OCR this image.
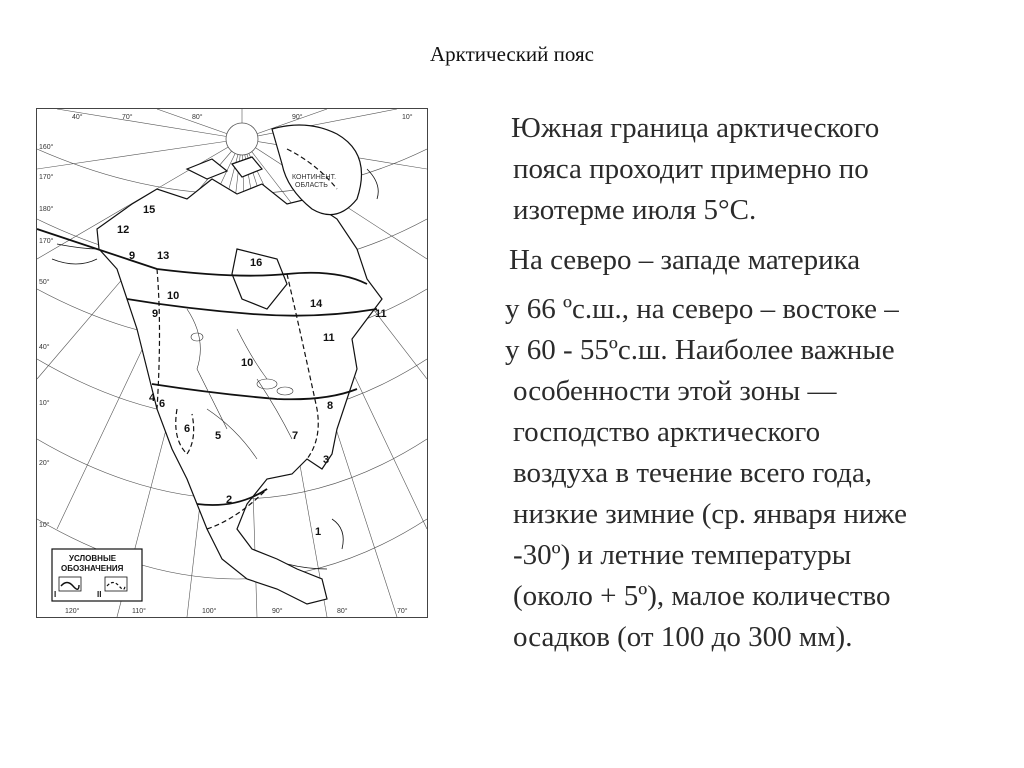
Арктический пояс
15
12
9 13
10
9
16
14
11
11
10
4 6	8
6
5	7
3
2
1
КОНТИНЕНТ.
ОБЛАСТЬ
40°	70°	80°	90°	10°
160°
170°
180°
170°
50°
40°
10°
20°
10°
120°	110°	100°	90°	80°	70°
УСЛОВНЫЕ
ОБОЗНАЧЕНИЯ
I	II
Южная граница арктического
пояса проходит примерно по
изотерме июля 5°С.
На северо – западе материка
у 66 ºс.ш., на северо – востоке –
у 60 - 55ºс.ш. Наиболее важные
особенности этой зоны —
господство арктического
воздуха в течение всего года,
низкие зимние (ср. января ниже
-30º) и летние температуры
(около + 5º), малое количество
осадков (от 100 до 300 мм).
